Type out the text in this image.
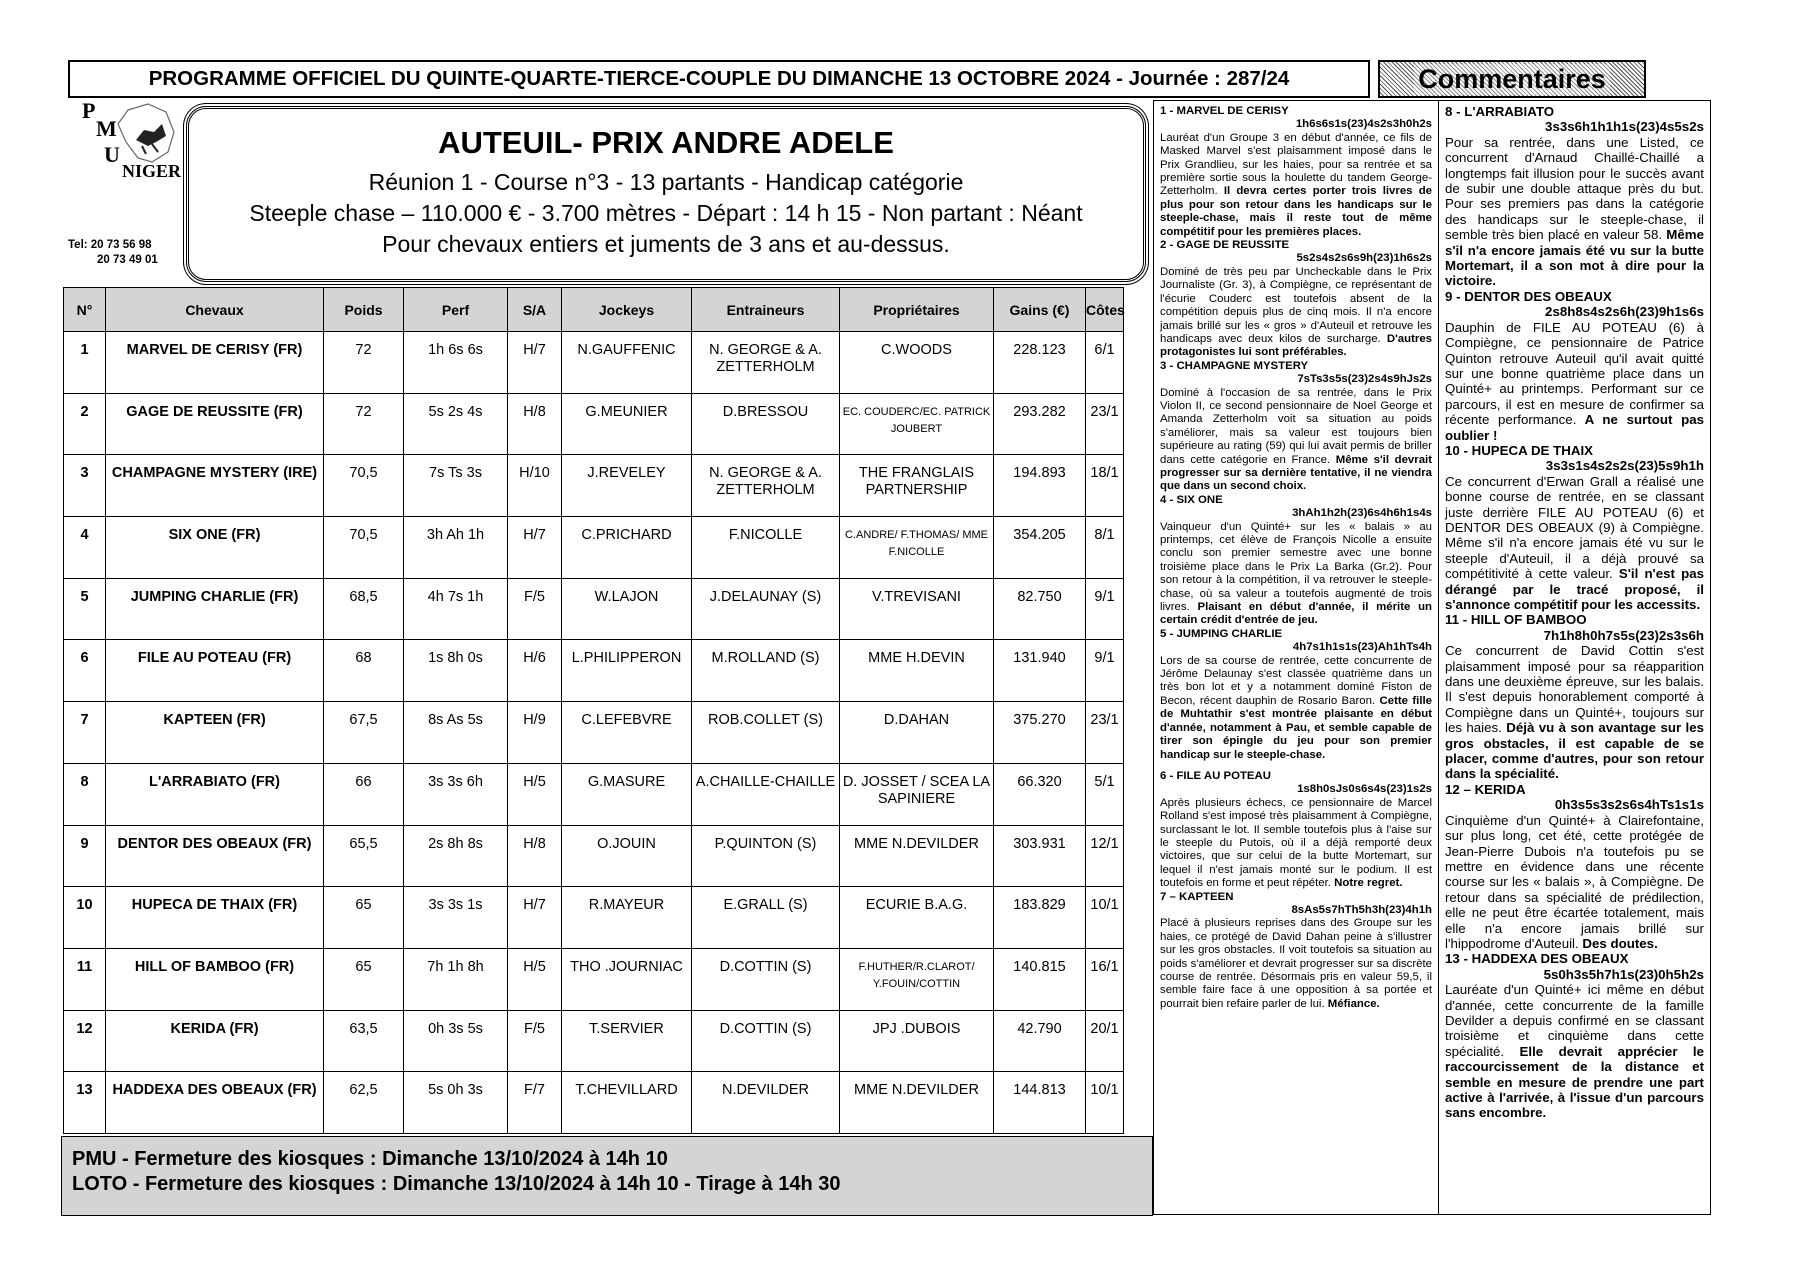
PROGRAMME OFFICIEL DU QUINTE-QUARTE-TIERCE-COUPLE DU DIMANCHE 13 OCTOBRE 2024 - Journée : 287/24	Commentaires
P
M
U
NIGER
Tel: 20 73 56 98
20 73 49 01
AUTEUIL- PRIX ANDRE ADELE
Réunion 1 - Course n°3 - 13 partants - Handicap catégorie
Steeple chase – 110.000 € - 3.700 mètres - Départ : 14 h 15 - Non partant : Néant
Pour chevaux entiers et juments de 3 ans et au-dessus.
N°	Chevaux	Poids	Perf	S/A	Jockeys	Entraineurs	Propriétaires	Gains (€)	Côtes
1	MARVEL DE CERISY (FR)	72	1h 6s 6s	H/7	N.GAUFFENIC	N. GEORGE & A. ZETTERHOLM	C.WOODS	228.123	6/1
2	GAGE DE REUSSITE (FR)	72	5s 2s 4s	H/8	G.MEUNIER	D.BRESSOU	EC. COUDERC/EC. PATRICK JOUBERT	293.282	23/1
3	CHAMPAGNE MYSTERY (IRE)	70,5	7s Ts 3s	H/10	J.REVELEY	N. GEORGE & A. ZETTERHOLM	THE FRANGLAIS PARTNERSHIP	194.893	18/1
4	SIX ONE (FR)	70,5	3h Ah 1h	H/7	C.PRICHARD	F.NICOLLE	C.ANDRE/ F.THOMAS/ MME F.NICOLLE	354.205	8/1
5	JUMPING CHARLIE (FR)	68,5	4h 7s 1h	F/5	W.LAJON	J.DELAUNAY (S)	V.TREVISANI	82.750	9/1
6	FILE AU POTEAU (FR)	68	1s 8h 0s	H/6	L.PHILIPPERON	M.ROLLAND (S)	MME H.DEVIN	131.940	9/1
7	KAPTEEN (FR)	67,5	8s As 5s	H/9	C.LEFEBVRE	ROB.COLLET (S)	D.DAHAN	375.270	23/1
8	L'ARRABIATO (FR)	66	3s 3s 6h	H/5	G.MASURE	A.CHAILLE-CHAILLE	D. JOSSET / SCEA LA SAPINIERE	66.320	5/1
9	DENTOR DES OBEAUX (FR)	65,5	2s 8h 8s	H/8	O.JOUIN	P.QUINTON (S)	MME N.DEVILDER	303.931	12/1
10	HUPECA DE THAIX (FR)	65	3s 3s 1s	H/7	R.MAYEUR	E.GRALL (S)	ECURIE B.A.G.	183.829	10/1
11	HILL OF BAMBOO (FR)	65	7h 1h 8h	H/5	THO .JOURNIAC	D.COTTIN (S)	F.HUTHER/R.CLAROT/ Y.FOUIN/COTTIN	140.815	16/1
12	KERIDA (FR)	63,5	0h 3s 5s	F/5	T.SERVIER	D.COTTIN (S)	JPJ .DUBOIS	42.790	20/1
13	HADDEXA DES OBEAUX (FR)	62,5	5s 0h 3s	F/7	T.CHEVILLARD	N.DEVILDER	MME N.DEVILDER	144.813	10/1
PMU - Fermeture des kiosques : Dimanche 13/10/2024 à 14h 10
LOTO - Fermeture des kiosques : Dimanche 13/10/2024 à 14h 10 - Tirage à 14h 30
1 - MARVEL DE CERISY
1h6s6s1s(23)4s2s3h0h2s
Lauréat d'un Groupe 3 en début d'année, ce fils de Masked Marvel s'est plaisamment imposé dans le Prix Grandlieu, sur les haies, pour sa rentrée et sa première sortie sous la houlette du tandem George-Zetterholm. Il devra certes porter trois livres de plus pour son retour dans les handicaps sur le steeple-chase, mais il reste tout de même compétitif pour les premières places.
2 - GAGE DE REUSSITE
5s2s4s2s6s9h(23)1h6s2s
Dominé de très peu par Uncheckable dans le Prix Journaliste (Gr. 3), à Compiègne, ce représentant de l'écurie Couderc est toutefois absent de la compétition depuis plus de cinq mois. Il n'a encore jamais brillé sur les « gros » d'Auteuil et retrouve les handicaps avec deux kilos de surcharge. D'autres protagonistes lui sont préférables.
3 - CHAMPAGNE MYSTERY
7sTs3s5s(23)2s4s9hJs2s
Dominé à l'occasion de sa rentrée, dans le Prix Violon II, ce second pensionnaire de Noel George et Amanda Zetterholm voit sa situation au poids s'améliorer, mais sa valeur est toujours bien supérieure au rating (59) qui lui avait permis de briller dans cette catégorie en France. Même s'il devrait progresser sur sa dernière tentative, il ne viendra que dans un second choix.
4 - SIX ONE
3hAh1h2h(23)6s4h6h1s4s
Vainqueur d'un Quinté+ sur les « balais » au printemps, cet élève de François Nicolle a ensuite conclu son premier semestre avec une bonne troisième place dans le Prix La Barka (Gr.2). Pour son retour à la compétition, il va retrouver le steeple-chase, où sa valeur a toutefois augmenté de trois livres. Plaisant en début d'année, il mérite un certain crédit d'entrée de jeu.
5 - JUMPING CHARLIE
4h7s1h1s1s(23)Ah1hTs4h
Lors de sa course de rentrée, cette concurrente de Jérôme Delaunay s'est classée quatrième dans un très bon lot et y a notamment dominé Fiston de Becon, récent dauphin de Rosario Baron. Cette fille de Muhtathir s'est montrée plaisante en début d'année, notamment à Pau, et semble capable de tirer son épingle du jeu pour son premier handicap sur le steeple-chase.
6 - FILE AU POTEAU
1s8h0sJs0s6s4s(23)1s2s
Après plusieurs échecs, ce pensionnaire de Marcel Rolland s'est imposé très plaisamment à Compiègne, surclassant le lot. Il semble toutefois plus à l'aise sur le steeple du Putois, où il a déjà remporté deux victoires, que sur celui de la butte Mortemart, sur lequel il n'est jamais monté sur le podium. Il est toutefois en forme et peut répéter. Notre regret.
7 – KAPTEEN
8sAs5s7hTh5h3h(23)4h1h
Placé à plusieurs reprises dans des Groupe sur les haies, ce protégé de David Dahan peine à s'illustrer sur les gros obstacles. Il voit toutefois sa situation au poids s'améliorer et devrait progresser sur sa discrète course de rentrée. Désormais pris en valeur 59,5, il semble faire face à une opposition à sa portée et pourrait bien refaire parler de lui. Méfiance.
8 - L'ARRABIATO
3s3s6h1h1h1s(23)4s5s2s
Pour sa rentrée, dans une Listed, ce concurrent d'Arnaud Chaillé-Chaillé a longtemps fait illusion pour le succès avant de subir une double attaque près du but. Pour ses premiers pas dans la catégorie des handicaps sur le steeple-chase, il semble très bien placé en valeur 58. Même s'il n'a encore jamais été vu sur la butte Mortemart, il a son mot à dire pour la victoire.
9 - DENTOR DES OBEAUX
2s8h8s4s2s6h(23)9h1s6s
Dauphin de FILE AU POTEAU (6) à Compiègne, ce pensionnaire de Patrice Quinton retrouve Auteuil qu'il avait quitté sur une bonne quatrième place dans un Quinté+ au printemps. Performant sur ce parcours, il est en mesure de confirmer sa récente performance. A ne surtout pas oublier !
10 - HUPECA DE THAIX
3s3s1s4s2s2s(23)5s9h1h
Ce concurrent d'Erwan Grall a réalisé une bonne course de rentrée, en se classant juste derrière FILE AU POTEAU (6) et DENTOR DES OBEAUX (9) à Compiègne. Même s'il n'a encore jamais été vu sur le steeple d'Auteuil, il a déjà prouvé sa compétitivité à cette valeur. S'il n'est pas dérangé par le tracé proposé, il s'annonce compétitif pour les accessits.
11 - HILL OF BAMBOO
7h1h8h0h7s5s(23)2s3s6h
Ce concurrent de David Cottin s'est plaisamment imposé pour sa réapparition dans une deuxième épreuve, sur les balais. Il s'est depuis honorablement comporté à Compiègne dans un Quinté+, toujours sur les haies. Déjà vu à son avantage sur les gros obstacles, il est capable de se placer, comme d'autres, pour son retour dans la spécialité.
12 – KERIDA
0h3s5s3s2s6s4hTs1s1s
Cinquième d'un Quinté+ à Clairefontaine, sur plus long, cet été, cette protégée de Jean-Pierre Dubois n'a toutefois pu se mettre en évidence dans une récente course sur les « balais », à Compiègne. De retour dans sa spécialité de prédilection, elle ne peut être écartée totalement, mais elle n'a encore jamais brillé sur l'hippodrome d'Auteuil. Des doutes.
13 - HADDEXA DES OBEAUX
5s0h3s5h7h1s(23)0h5h2s
Lauréate d'un Quinté+ ici même en début d'année, cette concurrente de la famille Devilder a depuis confirmé en se classant troisième et cinquième dans cette spécialité. Elle devrait apprécier le raccourcissement de la distance et semble en mesure de prendre une part active à l'arrivée, à l'issue d'un parcours sans encombre.
